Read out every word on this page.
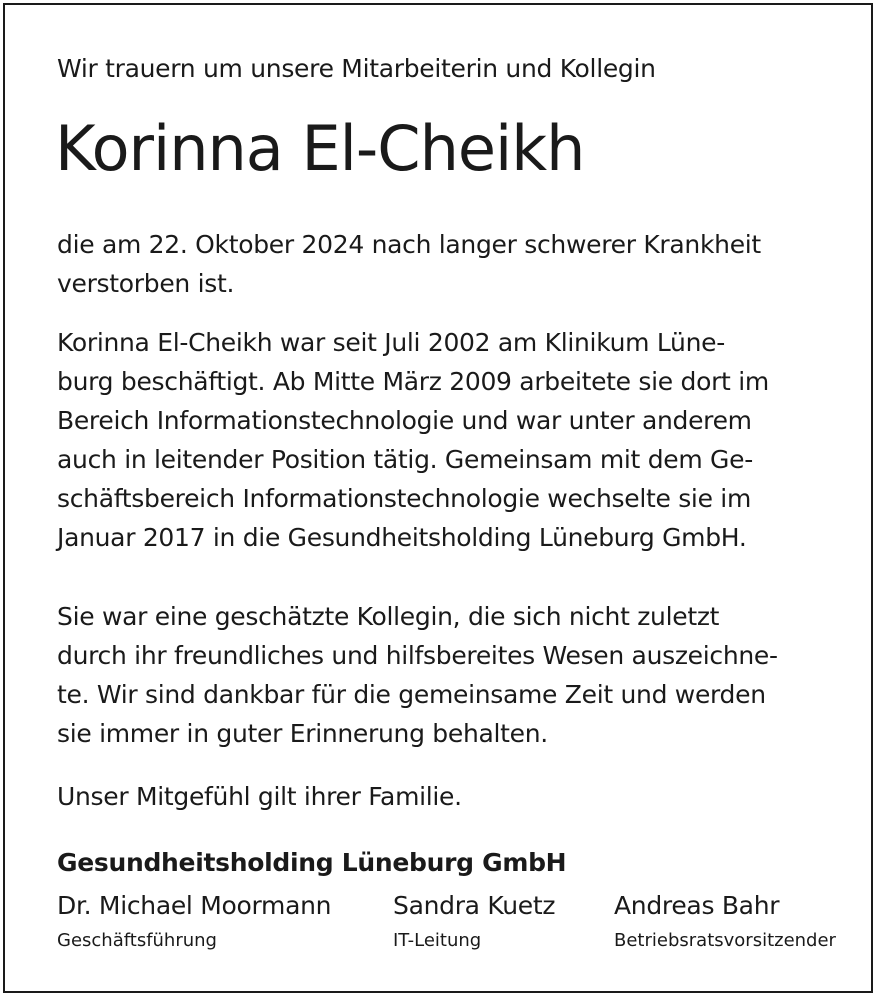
Wir trauern um unsere Mitarbeiterin und Kollegin
Korinna El-Cheikh
die am 22. Oktober 2024 nach langer schwerer Krankheit
verstorben ist.
Korinna El-Cheikh war seit Juli 2002 am Klinikum Lüne-
burg beschäftigt. Ab Mitte März 2009 arbeitete sie dort im
Bereich Informationstechnologie und war unter anderem
auch in leitender Position tätig. Gemeinsam mit dem Ge-
schäftsbereich Informationstechnologie wechselte sie im
Januar 2017 in die Gesundheitsholding Lüneburg GmbH.
Sie war eine geschätzte Kollegin, die sich nicht zuletzt
durch ihr freundliches und hilfsbereites Wesen auszeichne-
te. Wir sind dankbar für die gemeinsame Zeit und werden
sie immer in guter Erinnerung behalten.
Unser Mitgefühl gilt ihrer Familie.
Gesundheitsholding Lüneburg GmbH
Dr. Michael Moormann
Geschäftsführung
Sandra Kuetz
IT-Leitung
Andreas Bahr
Betriebsratsvorsitzender
